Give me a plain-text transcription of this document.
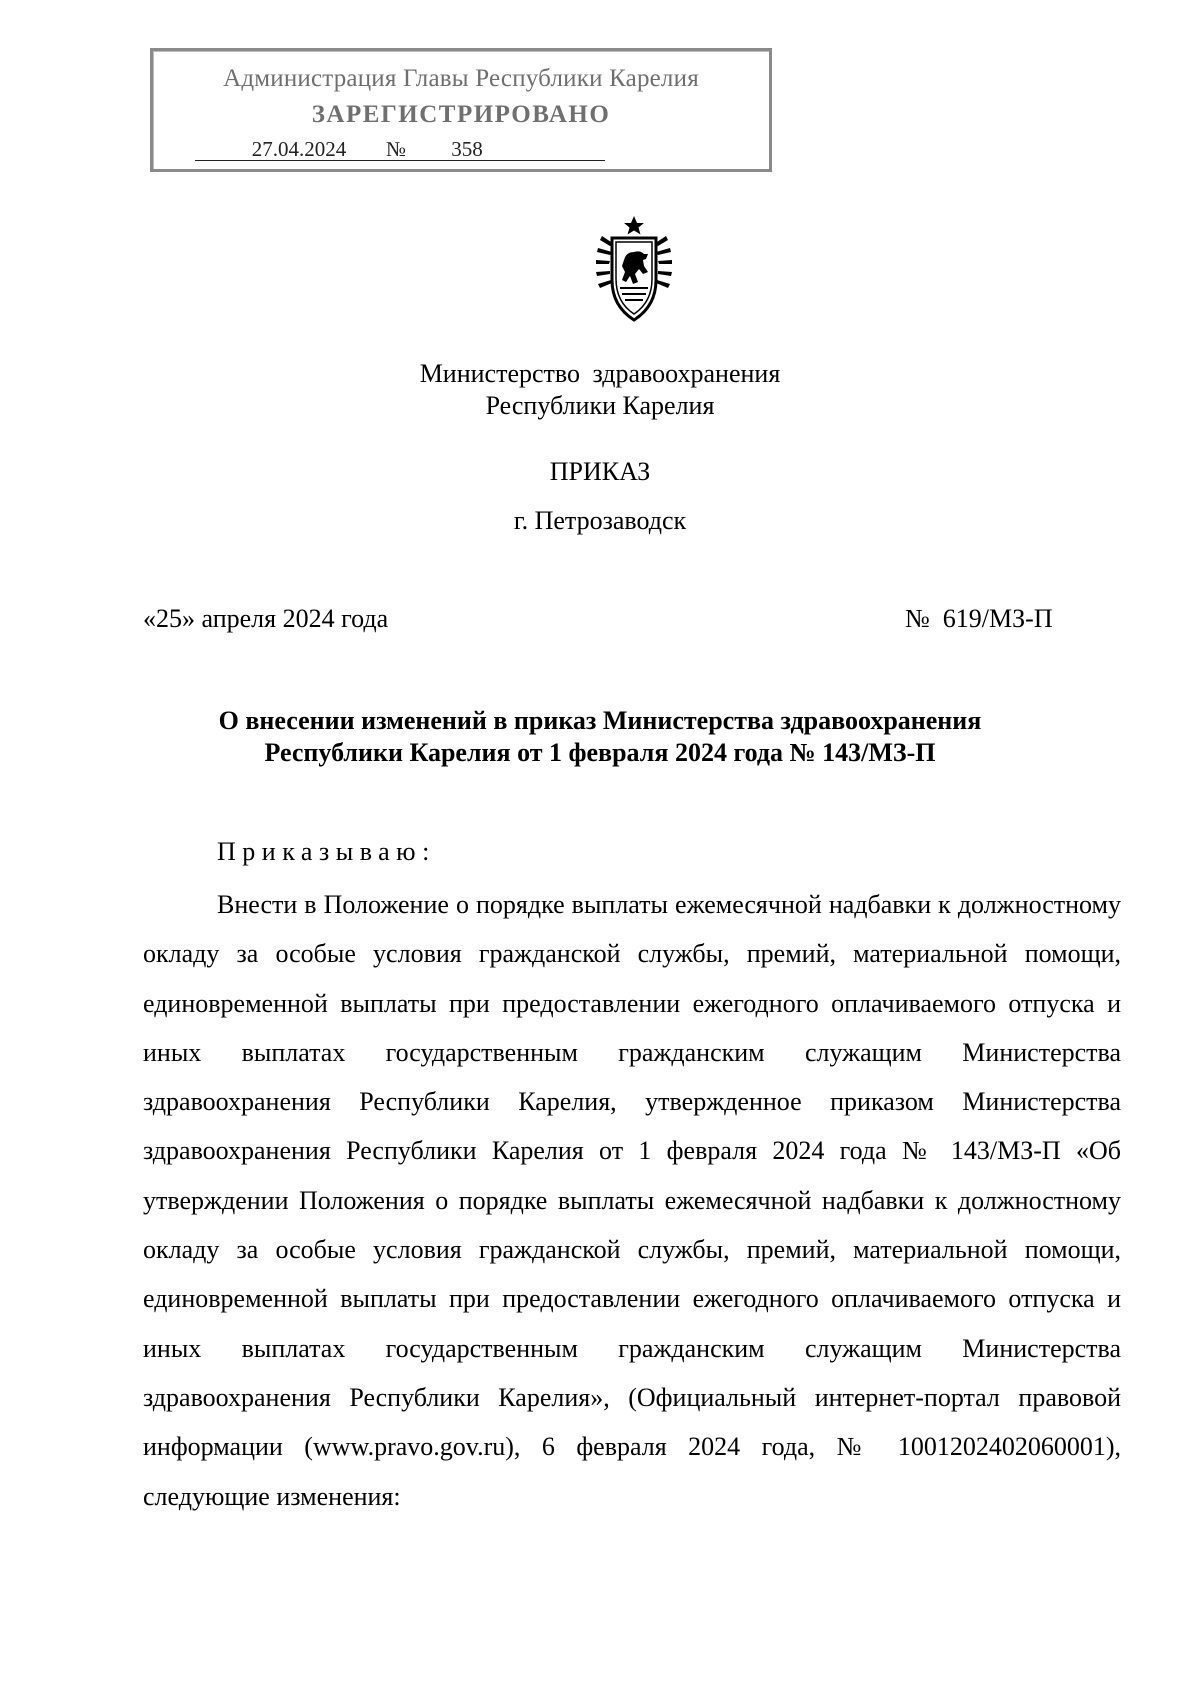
Администрация Главы Республики Карелия
ЗАРЕГИСТРИРОВАНО
27.04.2024 № 358
Министерство здравоохранения
Республики Карелия
ПРИКАЗ
г. Петрозаводск
«25» апреля 2024 года	№  619/МЗ-П
О внесении изменений в приказ Министерства здравоохранения
Республики Карелия от 1 февраля 2024 года № 143/МЗ-П
Приказываю:

Внести в Положение о порядке выплаты ежемесячной надбавки к должностному окладу за особые условия гражданской службы, премий, материальной помощи, единовременной выплаты при предоставлении ежегодного оплачиваемого отпуска и иных выплатах государственным гражданским служащим Министерства здравоохранения Республики Карелия, утвержденное приказом Министерства здравоохранения Республики Карелия от 1 февраля 2024 года № 143/МЗ-П «Об утверждении Положения о порядке выплаты ежемесячной надбавки к должностному окладу за особые условия гражданской службы, премий, материальной помощи, единовременной выплаты при предоставлении ежегодного оплачиваемого отпуска и иных выплатах государственным гражданским служащим Министерства здравоохранения Республики Карелия», (Официальный интернет-портал правовой информации (www.pravo.gov.ru), 6 февраля 2024 года, № 1001202402060001), следующие изменения:
